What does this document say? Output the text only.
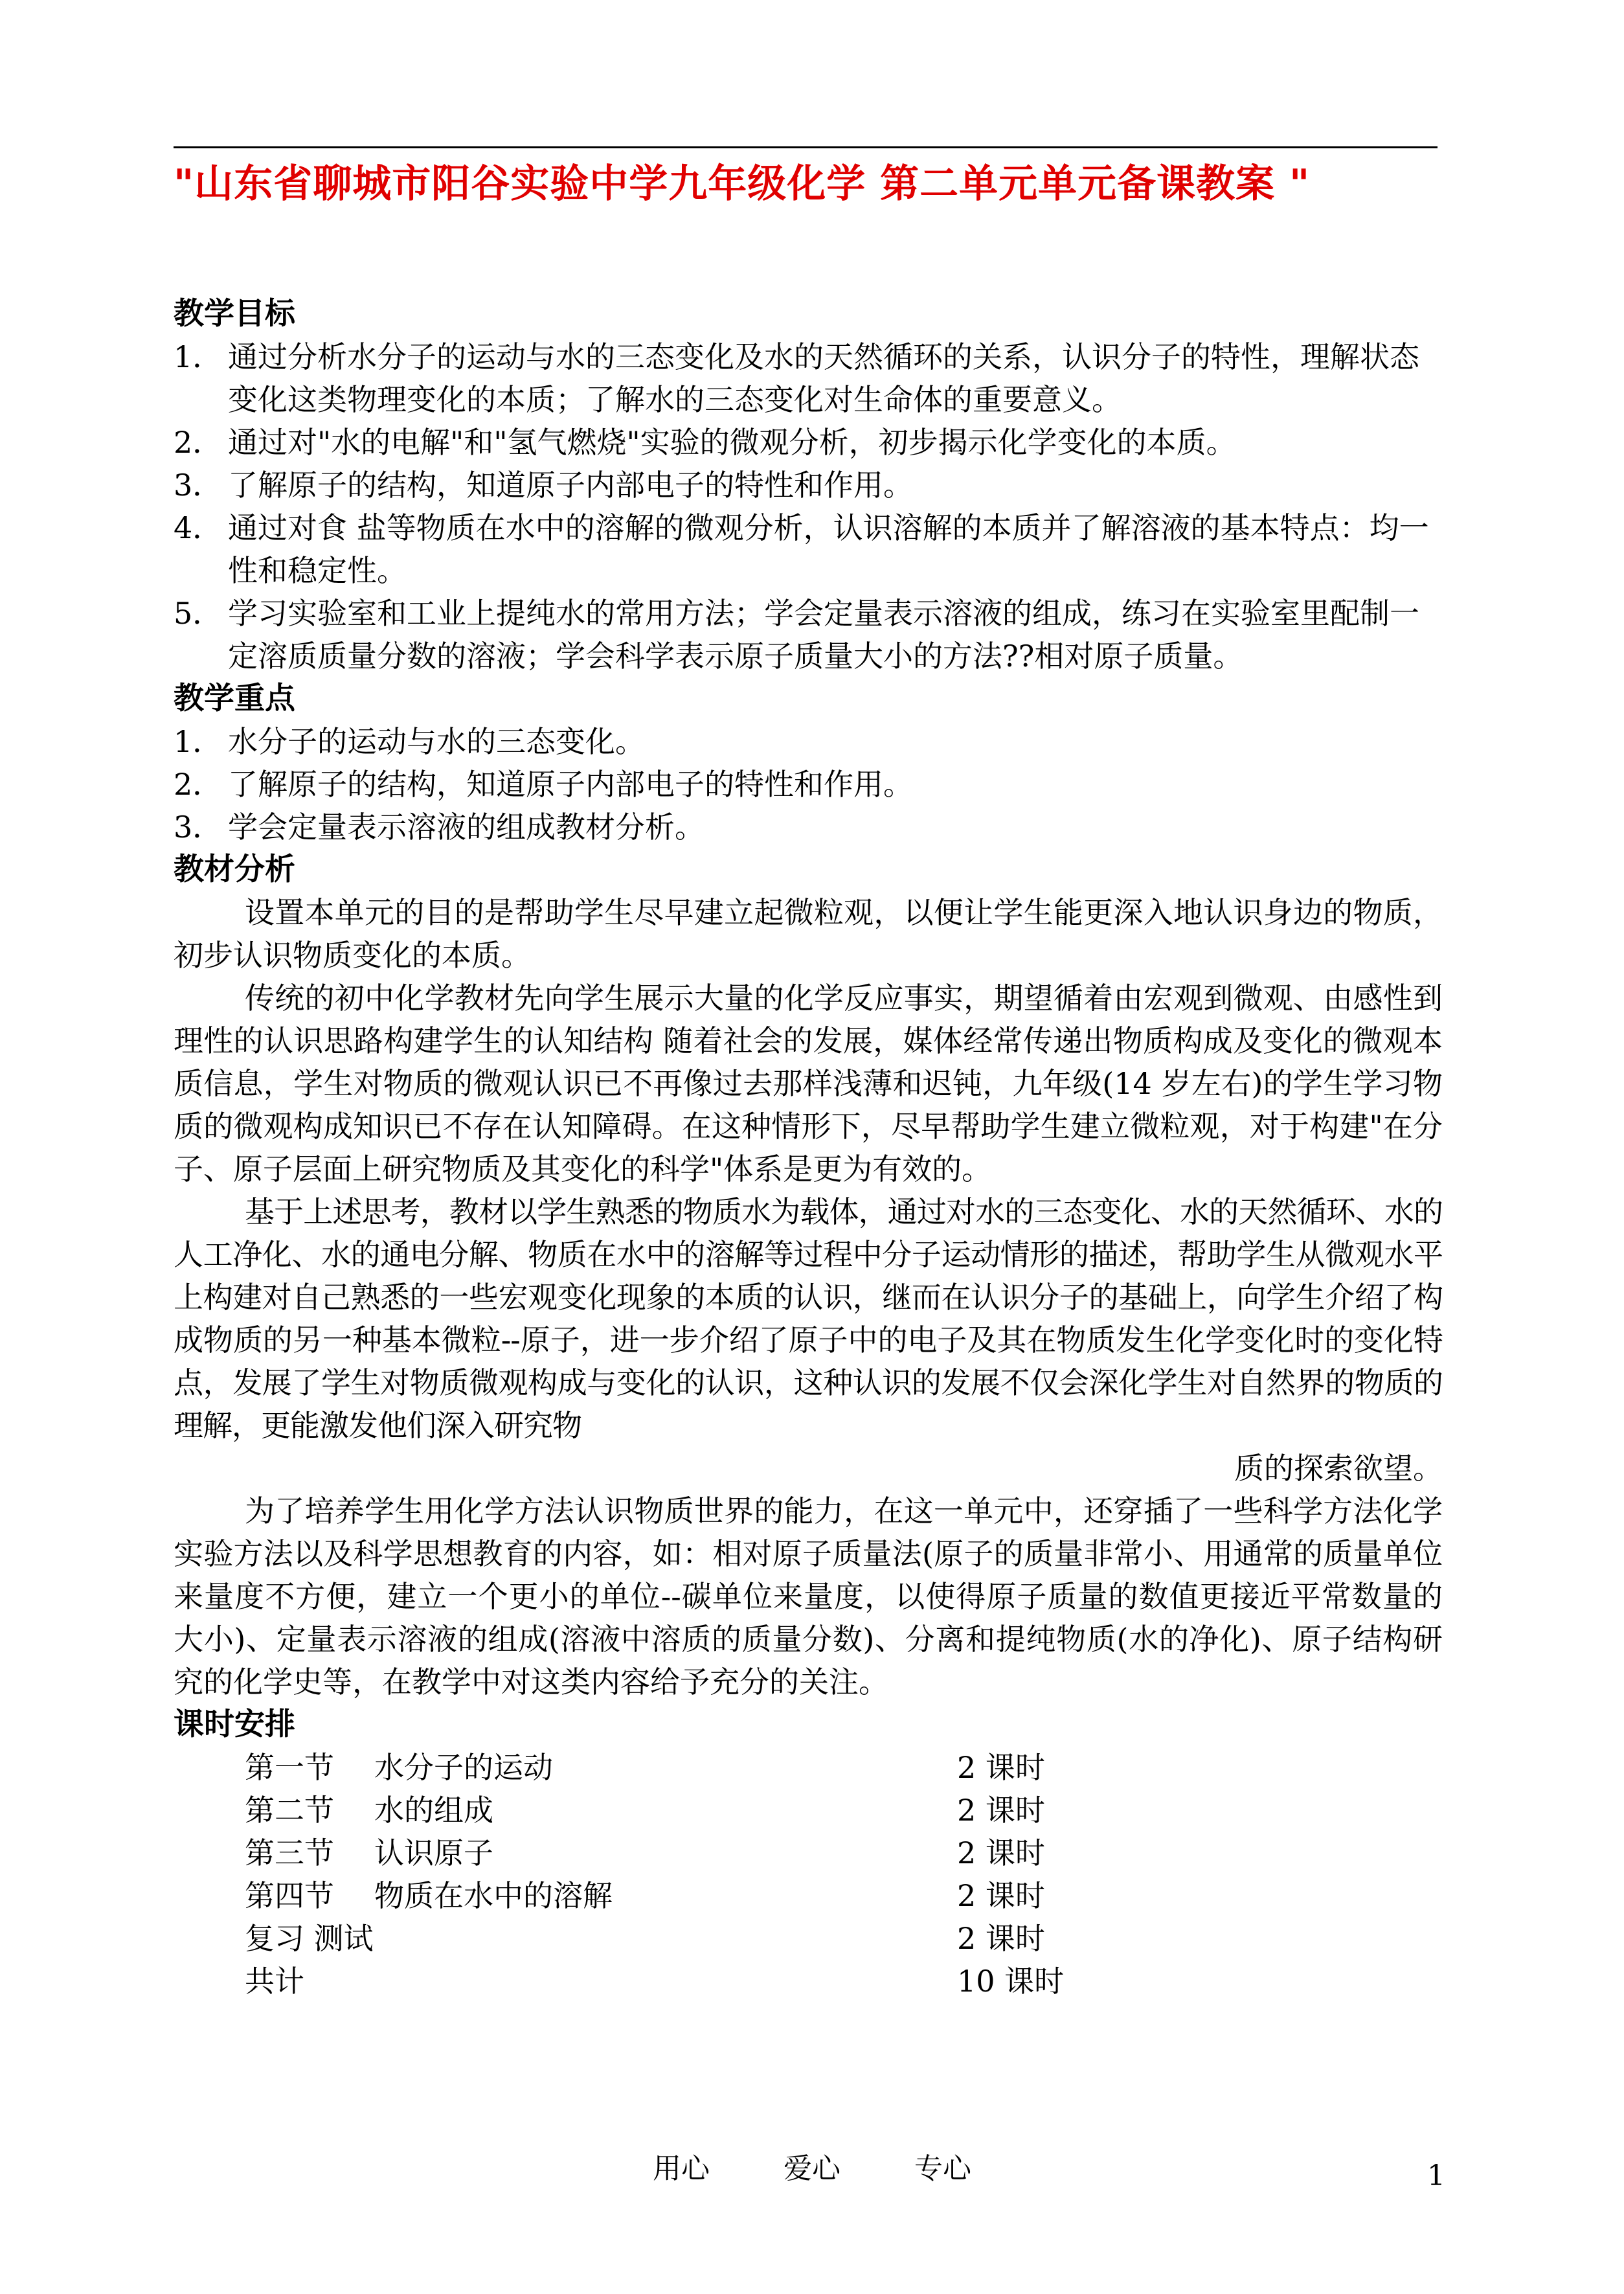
"山东省聊城市阳谷实验中学九年级化学 第二单元单元备课教案 "
教学目标
1． 通过分析水分子的运动与水的三态变化及水的天然循环的关系，认识分子的特性，理解状态变化这类物理变化的本质；了解水的三态变化对生命体的重要意义。
2． 通过对"水的电解"和"氢气燃烧"实验的微观分析，初步揭示化学变化的本质。
3． 了解原子的结构，知道原子内部电子的特性和作用。
4． 通过对食 盐等物质在水中的溶解的微观分析，认识溶解的本质并了解溶液的基本特点：均一性和稳定性。
5． 学习实验室和工业上提纯水的常用方法；学会定量表示溶液的组成，练习在实验室里配制一定溶质质量分数的溶液；学会科学表示原子质量大小的方法??相对原子质量。
教学重点
1． 水分子的运动与水的三态变化。
2． 了解原子的结构，知道原子内部电子的特性和作用。
3． 学会定量表示溶液的组成教材分析。
教材分析
设置本单元的目的是帮助学生尽早建立起微粒观，以便让学生能更深入地认识身边的物质，初步认识物质变化的本质。
传统的初中化学教材先向学生展示大量的化学反应事实，期望循着由宏观到微观、由感性到理性的认识思路构建学生的认知结构 随着社会的发展，媒体经常传递出物质构成及变化的微观本质信息，学生对物质的微观认识已不再像过去那样浅薄和迟钝，九年级(14 岁左右)的学生学习物质的微观构成知识已不存在认知障碍。在这种情形下，尽早帮助学生建立微粒观，对于构建"在分子、原子层面上研究物质及其变化的科学"体系是更为有效的。
基于上述思考，教材以学生熟悉的物质水为载体，通过对水的三态变化、水的天然循环、水的人工净化、水的通电分解、物质在水中的溶解等过程中分子运动情形的描述，帮助学生从微观水平上构建对自己熟悉的一些宏观变化现象的本质的认识，继而在认识分子的基础上，向学生介绍了构成物质的另一种基本微粒--原子，进一步介绍了原子中的电子及其在物质发生化学变化时的变化特点，发展了学生对物质微观构成与变化的认识，这种认识的发展不仅会深化学生对自然界的物质的理解，更能激发他们深入研究物
质的探索欲望。
为了培养学生用化学方法认识物质世界的能力，在这一单元中，还穿插了一些科学方法化学实验方法以及科学思想教育的内容，如：相对原子质量法(原子的质量非常小、用通常的质量单位来量度不方便，建立一个更小的单位--碳单位来量度，以使得原子质量的数值更接近平常数量的大小)、定量表示溶液的组成(溶液中溶质的质量分数)、分离和提纯物质(水的净化)、原子结构研究的化学史等，在教学中对这类内容给予充分的关注。
课时安排
第一节	水分子的运动	2 课时
第二节	水的组成	2 课时
第三节	认识原子	2 课时
第四节	物质在水中的溶解	2 课时
复习 测试	2 课时
共计	10 课时
用心	爱心	专心	1
